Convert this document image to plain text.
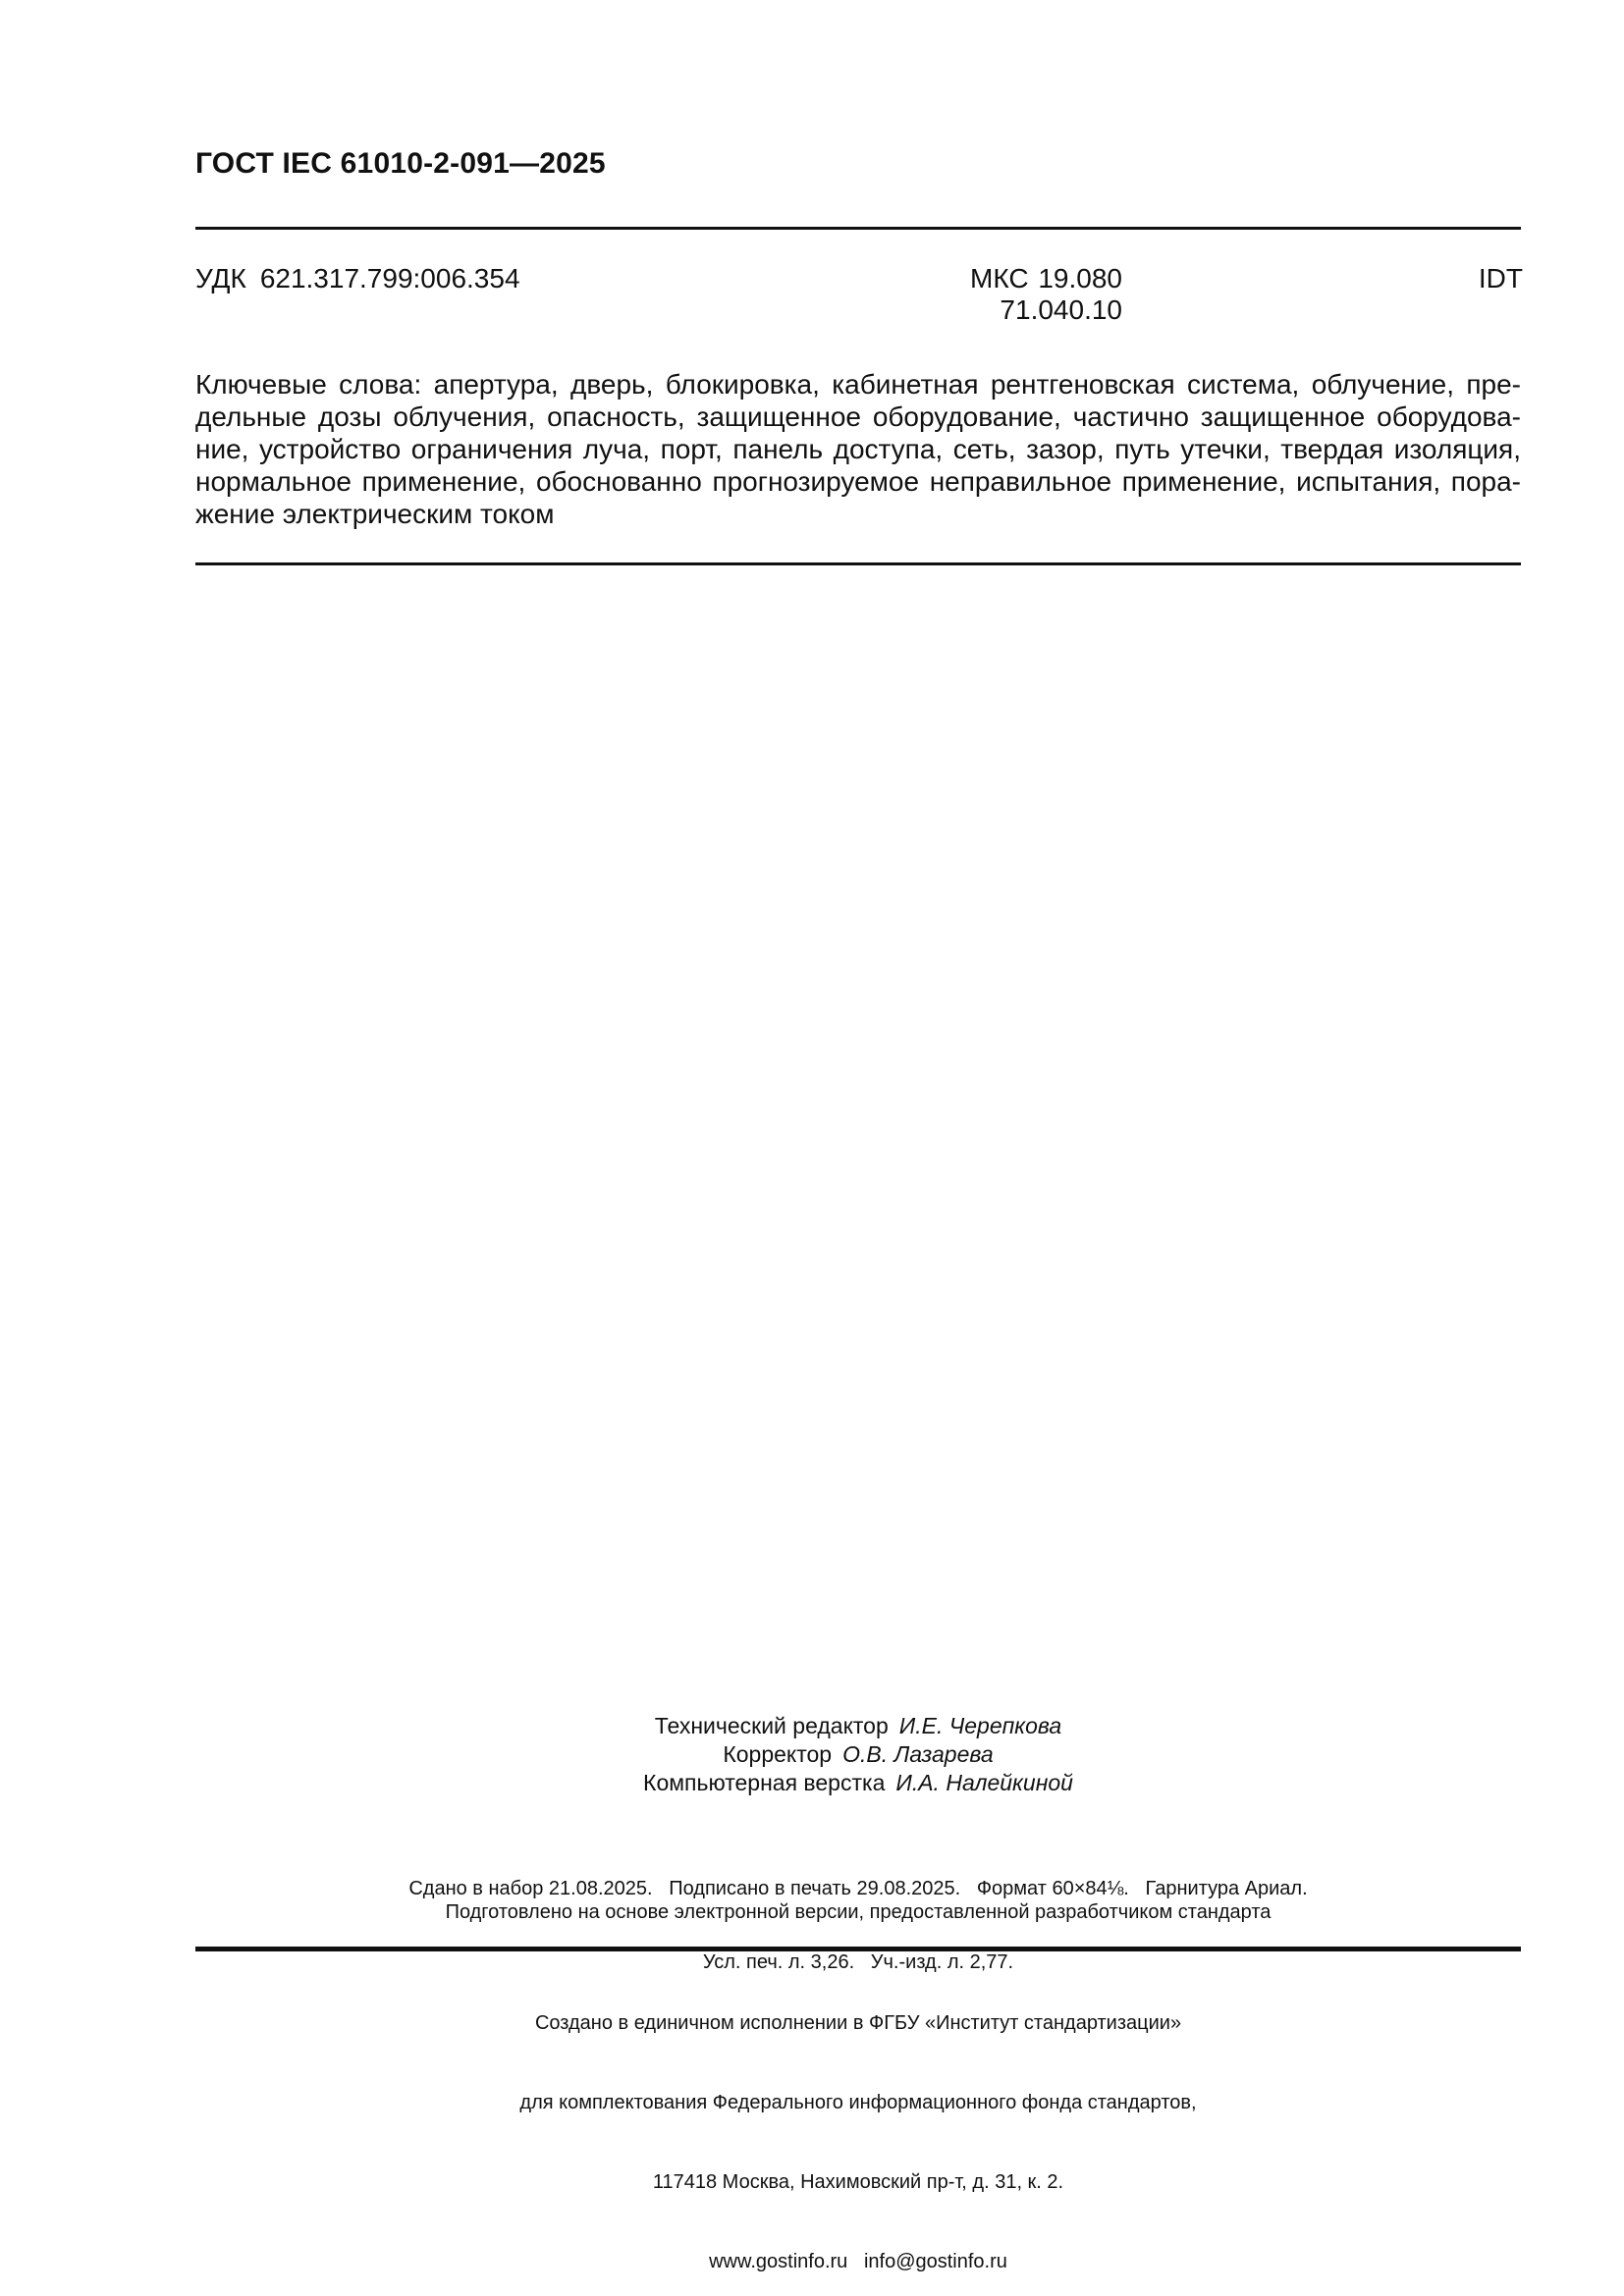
ГОСТ IEC 61010-2-091—2025
УДК 621.317.799:006.354	МКС 19.080
71.040.10
IDT
Ключевые слова: апертура, дверь, блокировка, кабинетная рентгеновская система, облучение, пре-
дельные дозы облучения, опасность, защищенное оборудование, частично защищенное оборудова-
ние, устройство ограничения луча, порт, панель доступа, сеть, зазор, путь утечки, твердая изоляция,
нормальное применение, обоснованно прогнозируемое неправильное применение, испытания, пора-
жение электрическим током
Технический редактор И.Е. Черепкова
Корректор О.В. Лазарева
Компьютерная верстка И.А. Налейкиной

Сдано в набор 21.08.2025.   Подписано в печать 29.08.2025.   Формат 60×84⅛.   Гарнитура Ариал.

Усл. печ. л. 3,26.   Уч.-изд. л. 2,77.

Подготовлено на основе электронной версии, предоставленной разработчиком стандарта

Создано в единичном исполнении в ФГБУ «Институт стандартизации»

для комплектования Федерального информационного фонда стандартов,

117418 Москва, Нахимовский пр-т, д. 31, к. 2.

www.gostinfo.ru   info@gostinfo.ru
